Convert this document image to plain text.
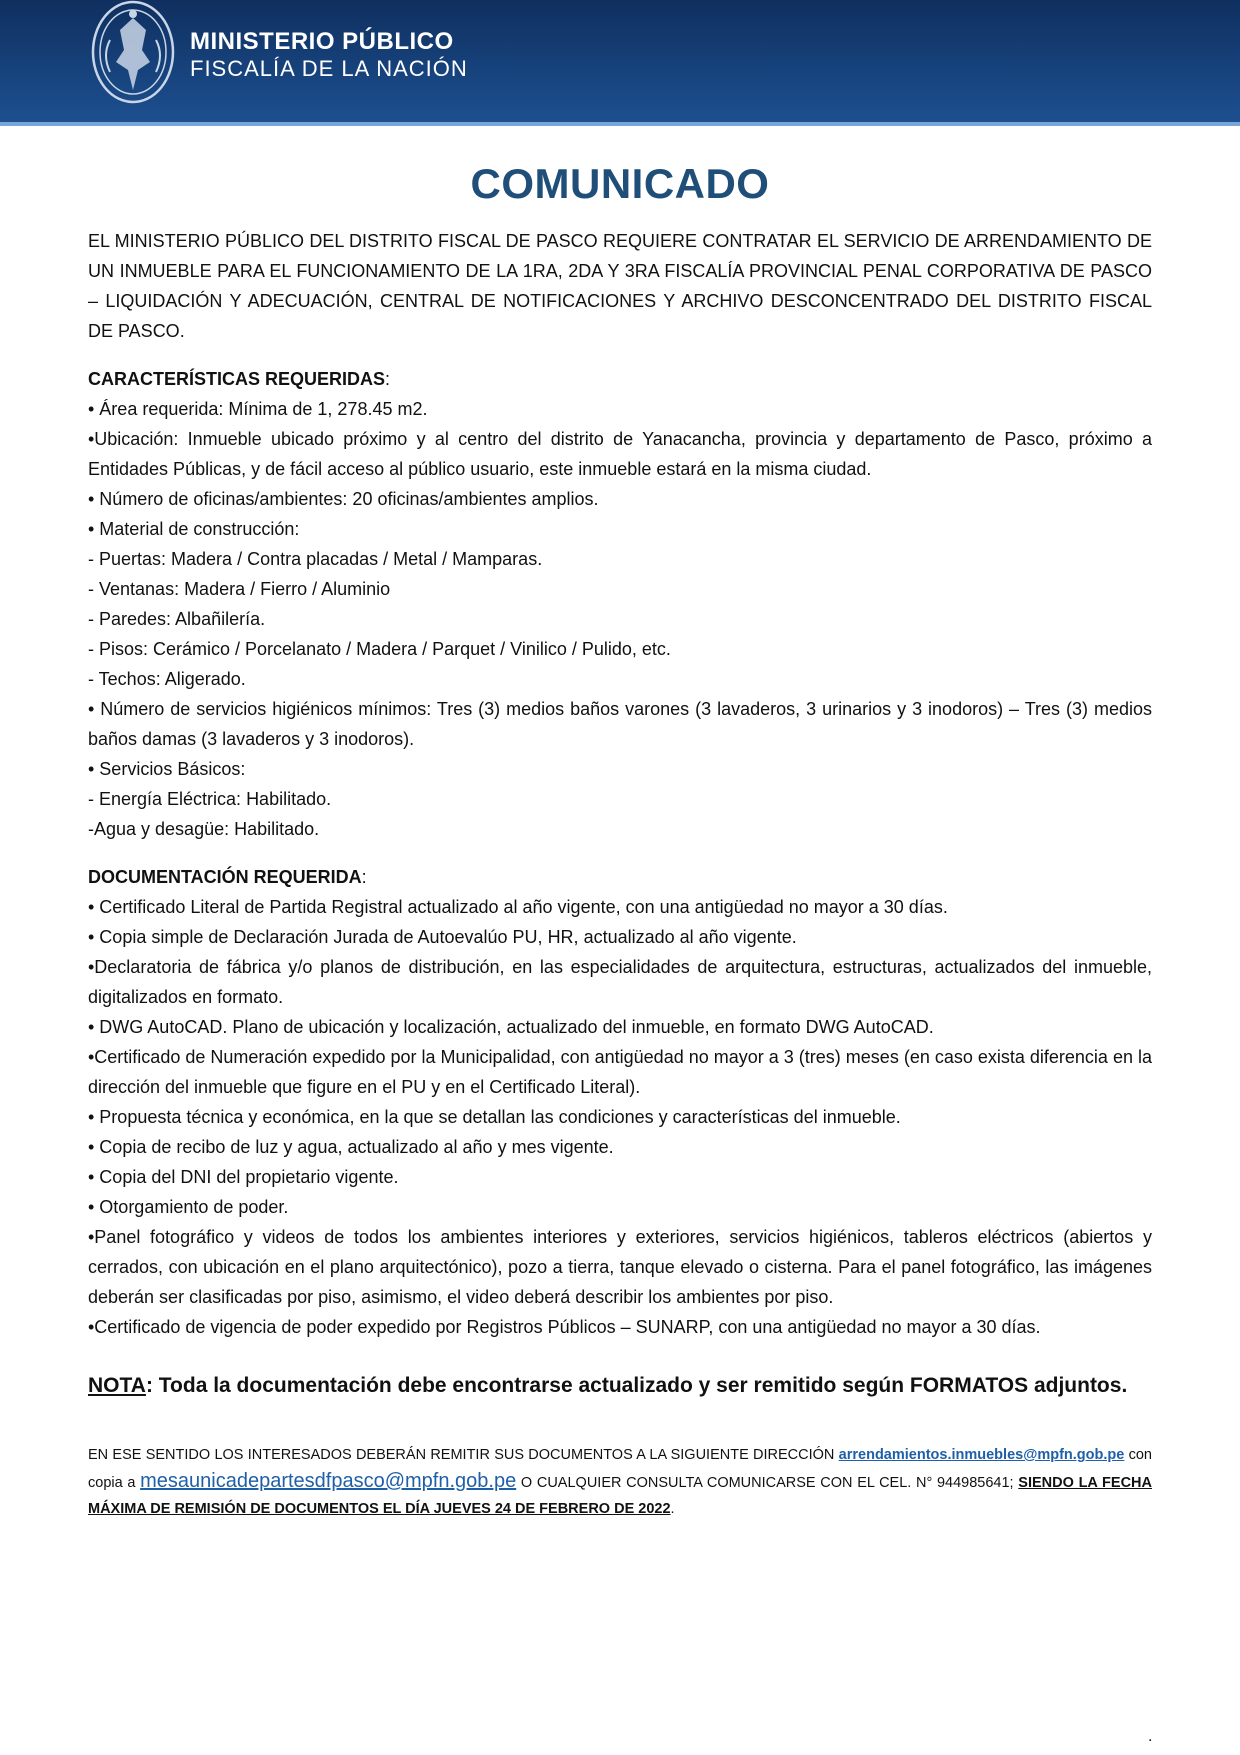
MINISTERIO PÚBLICO
FISCALÍA DE LA NACIÓN
COMUNICADO

EL MINISTERIO PÚBLICO DEL DISTRITO FISCAL DE PASCO REQUIERE CONTRATAR EL SERVICIO DE ARRENDAMIENTO DE UN INMUEBLE PARA EL FUNCIONAMIENTO DE LA 1RA, 2DA Y 3RA FISCALÍA PROVINCIAL PENAL CORPORATIVA DE PASCO – LIQUIDACIÓN Y ADECUACIÓN, CENTRAL DE NOTIFICACIONES Y ARCHIVO DESCONCENTRADO DEL DISTRITO FISCAL DE PASCO.

CARACTERÍSTICAS REQUERIDAS:

• Área requerida: Mínima de 1, 278.45 m2.

•Ubicación: Inmueble ubicado próximo y al centro del distrito de Yanacancha, provincia y departamento de Pasco, próximo a Entidades Públicas, y de fácil acceso al público usuario, este inmueble estará en la misma ciudad.

• Número de oficinas/ambientes: 20 oficinas/ambientes amplios.

• Material de construcción:

- Puertas: Madera / Contra placadas / Metal / Mamparas.

- Ventanas: Madera / Fierro / Aluminio

- Paredes: Albañilería.

- Pisos: Cerámico / Porcelanato / Madera / Parquet / Vinilico / Pulido, etc.

- Techos: Aligerado.

• Número de servicios higiénicos mínimos: Tres (3) medios baños varones (3 lavaderos, 3 urinarios y 3 inodoros) – Tres (3) medios baños damas (3 lavaderos y 3 inodoros).

• Servicios Básicos:

- Energía Eléctrica: Habilitado.

-Agua y desagüe: Habilitado.

DOCUMENTACIÓN REQUERIDA:

• Certificado Literal de Partida Registral actualizado al año vigente, con una antigüedad no mayor a 30 días.

• Copia simple de Declaración Jurada de Autoevalúo PU, HR, actualizado al año vigente.

•Declaratoria de fábrica y/o planos de distribución, en las especialidades de arquitectura, estructuras, actualizados del inmueble, digitalizados en formato.

• DWG AutoCAD. Plano de ubicación y localización, actualizado del inmueble, en formato DWG AutoCAD.

•Certificado de Numeración expedido por la Municipalidad, con antigüedad no mayor a 3 (tres) meses (en caso exista diferencia en la dirección del inmueble que figure en el PU y en el Certificado Literal).

• Propuesta técnica y económica, en la que se detallan las condiciones y características del inmueble.

• Copia de recibo de luz y agua, actualizado al año y mes vigente.

• Copia del DNI del propietario vigente.

• Otorgamiento de poder.

•Panel fotográfico y videos de todos los ambientes interiores y exteriores, servicios higiénicos, tableros eléctricos (abiertos y cerrados, con ubicación en el plano arquitectónico), pozo a tierra, tanque elevado o cisterna. Para el panel fotográfico, las imágenes deberán ser clasificadas por piso, asimismo, el video deberá describir los ambientes por piso.

•Certificado de vigencia de poder expedido por Registros Públicos – SUNARP, con una antigüedad no mayor a 30 días.

NOTA: Toda la documentación debe encontrarse actualizado y ser remitido según FORMATOS adjuntos.

EN ESE SENTIDO LOS INTERESADOS DEBERÁN REMITIR SUS DOCUMENTOS A LA SIGUIENTE DIRECCIÓN arrendamientos.inmuebles@mpfn.gob.pe con copia a mesaunicadepartesdfpasco@mpfn.gob.pe O CUALQUIER CONSULTA COMUNICARSE CON EL CEL. N° 944985641; SIENDO LA FECHA MÁXIMA DE REMISIÓN DE DOCUMENTOS EL DÍA JUEVES 24 DE FEBRERO DE 2022.

.
